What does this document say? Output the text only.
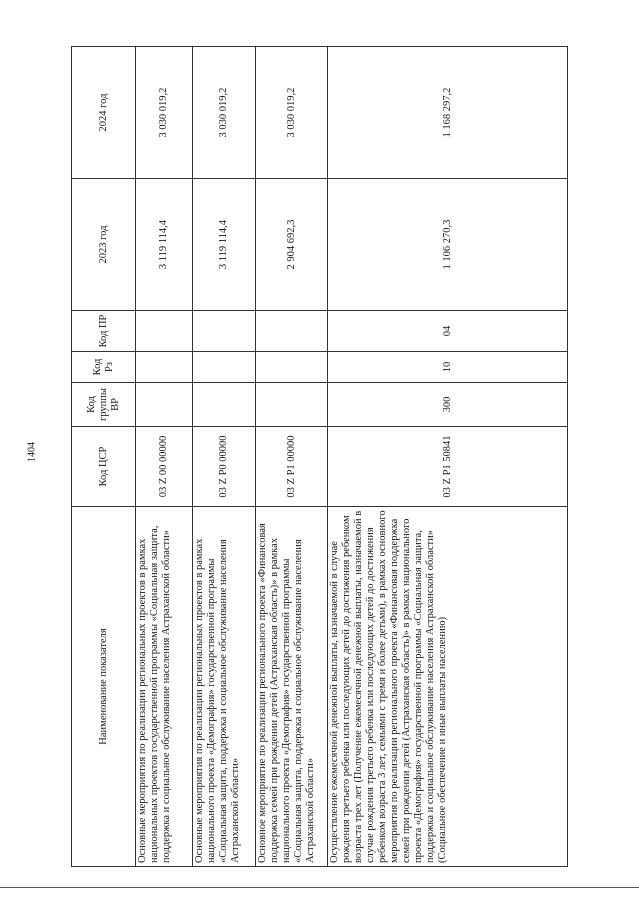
1404
Наименование показателя	Код ЦСР	Код группы ВР	Код Рз	Код ПР	2023 год	2024 год
Основные мероприятия по реализации региональных проектов в рамках национальных проектов государственной программы «Социальная защита, поддержка и социальное обслуживание населения Астраханской области»	03 Z 00 00000				3 119 114,4	3 030 019,2
Основные мероприятия по реализации региональных проектов в рамках национального проекта «Демография» государственной программы «Социальная защита, поддержка и социальное обслуживание населения Астраханской области»	03 Z P0 00000				3 119 114,4	3 030 019,2
Основное мероприятие по реализации регионального проекта «Финансовая поддержка семей при рождении детей (Астраханская область)» в рамках национального проекта «Демография» государственной программы «Социальная защита, поддержка и социальное обслуживание населения Астраханской области»	03 Z P1 00000				2 904 692,3	3 030 019,2
Осуществление ежемесячной денежной выплаты, назначаемой в случае рождения третьего ребенка или последующих детей до достижения ребенком возраста трех лет (Получение ежемесячной денежной выплаты, назначаемой в случае рождения третьего ребенка или последующих детей до достижения ребенком возраста 3 лет, семьями с тремя и более детьми), в рамках основного мероприятия по реализации регионального проекта «Финансовая поддержка семей при рождении детей (Астраханская область)» в рамках национального проекта «Демография» государственной программы «Социальная защита, поддержка и социальное обслуживание населения Астраханской области» (Социальное обеспечение и иные выплаты населению)	03 Z P1 50841	300	10	04	1 106 270,3	1 168 297,2
